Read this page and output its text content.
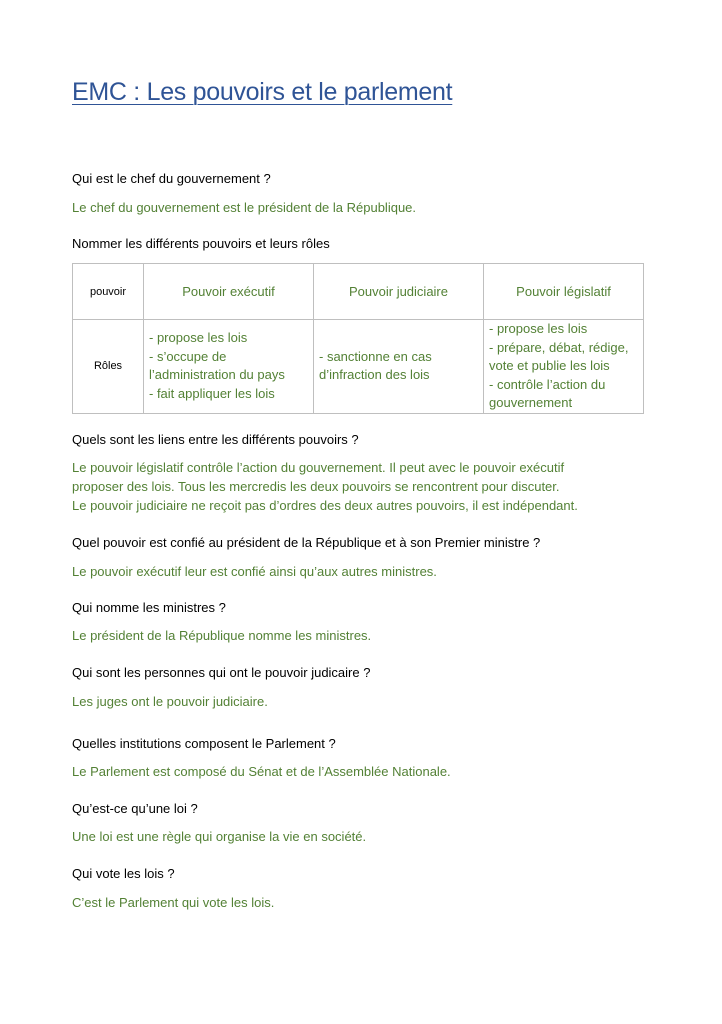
EMC : Les pouvoirs et le parlement

Qui est le chef du gouvernement ?

Le chef du gouvernement est le président de la République.

Nommer les différents pouvoirs et leurs rôles

pouvoir	Pouvoir exécutif	Pouvoir judiciaire	Pouvoir législatif
Rôles	- propose les lois
- s’occupe de
l’administration du pays
- fait appliquer les lois	- sanctionne en cas
d’infraction des lois	- propose les lois
- prépare, débat, rédige,
vote et publie les lois
- contrôle l’action du
gouvernement

Quels sont les liens entre les différents pouvoirs ?

Le pouvoir législatif contrôle l’action du gouvernement. Il peut avec le pouvoir exécutif
proposer des lois. Tous les mercredis les deux pouvoirs se rencontrent pour discuter.
Le pouvoir judiciaire ne reçoit pas d’ordres des deux autres pouvoirs, il est indépendant.

Quel pouvoir est confié au président de la République et à son Premier ministre ?

Le pouvoir exécutif leur est confié ainsi qu’aux autres ministres.

Qui nomme les ministres ?

Le président de la République nomme les ministres.

Qui sont les personnes qui ont le pouvoir judicaire ?

Les juges ont le pouvoir judiciaire.

Quelles institutions composent le Parlement ?

Le Parlement est composé du Sénat et de l’Assemblée Nationale.

Qu’est-ce qu’une loi ?

Une loi est une règle qui organise la vie en société.

Qui vote les lois ?

C’est le Parlement qui vote les lois.
